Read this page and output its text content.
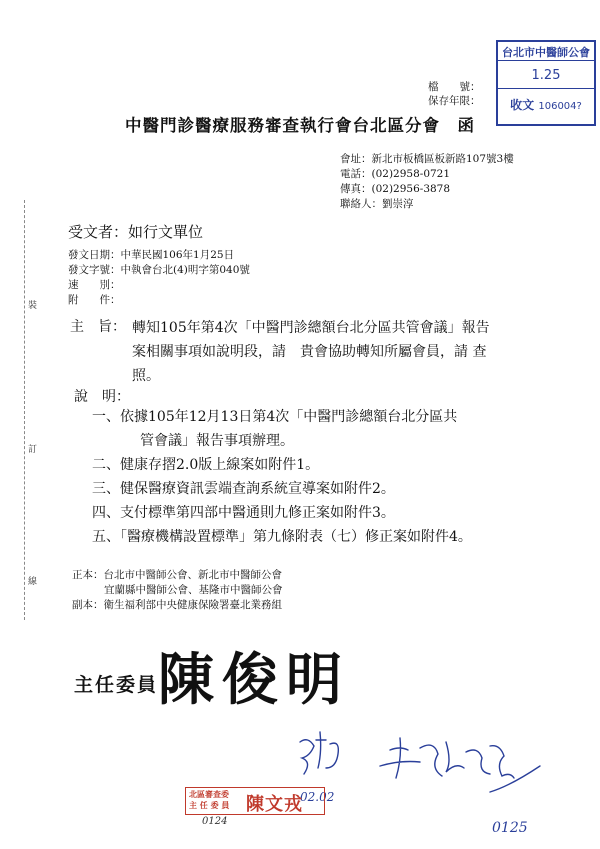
檔　　號：
保存年限：
台北市中醫師公會
1.25
收文 106004?
中醫門診醫療服務審查執行會台北區分會　函
會址：新北市板橋區板新路107號3樓
電話：(02)2958-0721
傳真：(02)2956-3878
聯絡人：劉崇淳
受文者：如行文單位
發文日期：中華民國106年1月25日
發文字號：中執會台北(4)明字第040號
速　　別：
附　　件：
裝
訂
線
主　旨： 轉知105年第4次「中醫門診總額台北分區共管會議」報告
案相關事項如說明段，請　貴會協助轉知所屬會員，請 查
照。
說　明：
一、依據105年12月13日第4次「中醫門診總額台北分區共
管會議」報告事項辦理。
二、健康存摺2.0版上線案如附件1。
三、健保醫療資訊雲端查詢系統宣導案如附件2。
四、支付標準第四部中醫通則九修正案如附件3。
五、「醫療機構設置標準」第九條附表（七）修正案如附件4。
正本：台北市中醫師公會、新北市中醫師公會
宜蘭縣中醫師公會、基隆市中醫師公會
副本：衛生福利部中央健康保險署臺北業務組
主任委員 陳俊明
02.02
0125
北區審查委
主 任 委 員 陳文戎
0124
